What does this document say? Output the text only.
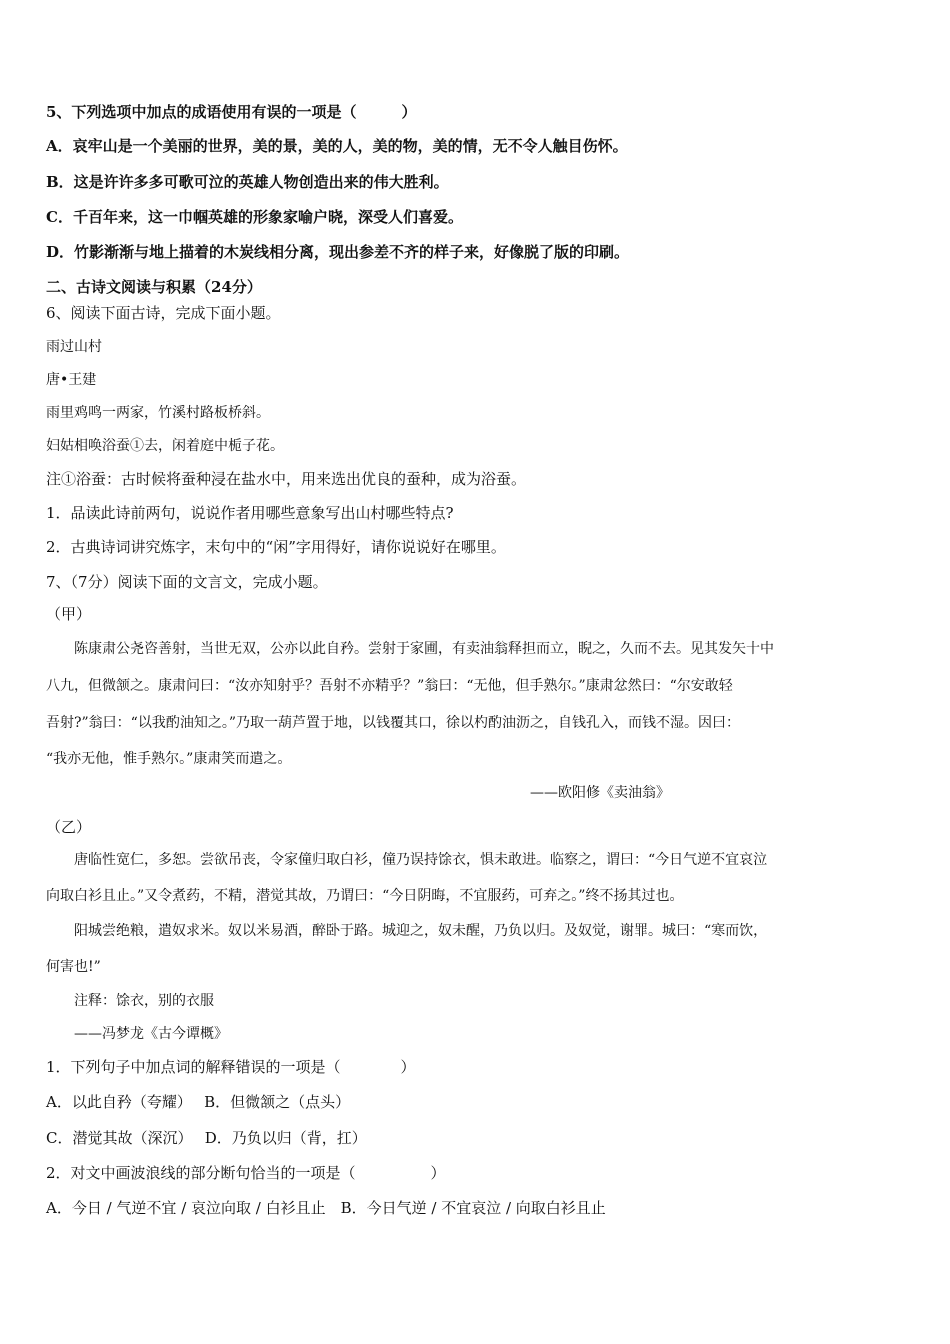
5、下列选项中加点的成语使用有误的一项是（　　　）
A．哀牢山是一个美丽的世界，美的景，美的人，美的物，美的情，无不令人触目伤怀。
B．这是许许多多可歌可泣的英雄人物创造出来的伟大胜利。
C．千百年来，这一巾帼英雄的形象家喻户晓，深受人们喜爱。
D．竹影渐渐与地上描着的木炭线相分离，现出参差不齐的样子来，好像脱了版的印刷。
二、古诗文阅读与积累（24分）
6、阅读下面古诗，完成下面小题。
雨过山村
唐•王建
雨里鸡鸣一两家，竹溪村路板桥斜。
妇姑相唤浴蚕①去，闲着庭中栀子花。
注①浴蚕：古时候将蚕种浸在盐水中，用来选出优良的蚕种，成为浴蚕。
1．品读此诗前两句，说说作者用哪些意象写出山村哪些特点?
2．古典诗词讲究炼字，末句中的“闲”字用得好，请你说说好在哪里。
7、（7分）阅读下面的文言文，完成小题。
（甲）
　　陈康肃公尧咨善射，当世无双，公亦以此自矜。尝射于家圃，有卖油翁释担而立，睨之，久而不去。见其发矢十中
八九，但微颔之。康肃问曰：“汝亦知射乎？吾射不亦精乎？”翁曰：“无他，但手熟尔。”康肃忿然曰：“尔安敢轻
吾射?”翁曰：“以我酌油知之。”乃取一葫芦置于地，以钱覆其口，徐以杓酌油沥之，自钱孔入，而钱不湿。因曰：
“我亦无他，惟手熟尔。”康肃笑而遣之。
——欧阳修《卖油翁》
（乙）
　　唐临性宽仁，多恕。尝欲吊丧，令家僮归取白衫，僮乃误持馀衣，惧未敢进。临察之，谓曰：“今日气逆不宜哀泣
向取白衫且止。”又令煮药，不精，潜觉其故，乃谓曰：“今日阴晦，不宜服药，可弃之。”终不扬其过也。
　　阳城尝绝粮，遣奴求米。奴以米易酒，醉卧于路。城迎之，奴未醒，乃负以归。及奴觉，谢罪。城曰：“寒而饮，
何害也!”
　　注释：馀衣，别的衣服
　　——冯梦龙《古今谭概》
1．下列句子中加点词的解释错误的一项是（　　　　）
A．以此自矜（夸耀）　 B．但微颔之（点头）
C．潜觉其故（深沉）　 D．乃负以归（背，扛）
2．对文中画波浪线的部分断句恰当的一项是（　　　　　）
A．今日 / 气逆不宜 / 哀泣向取 / 白衫且止　B．今日气逆 / 不宜哀泣 / 向取白衫且止
